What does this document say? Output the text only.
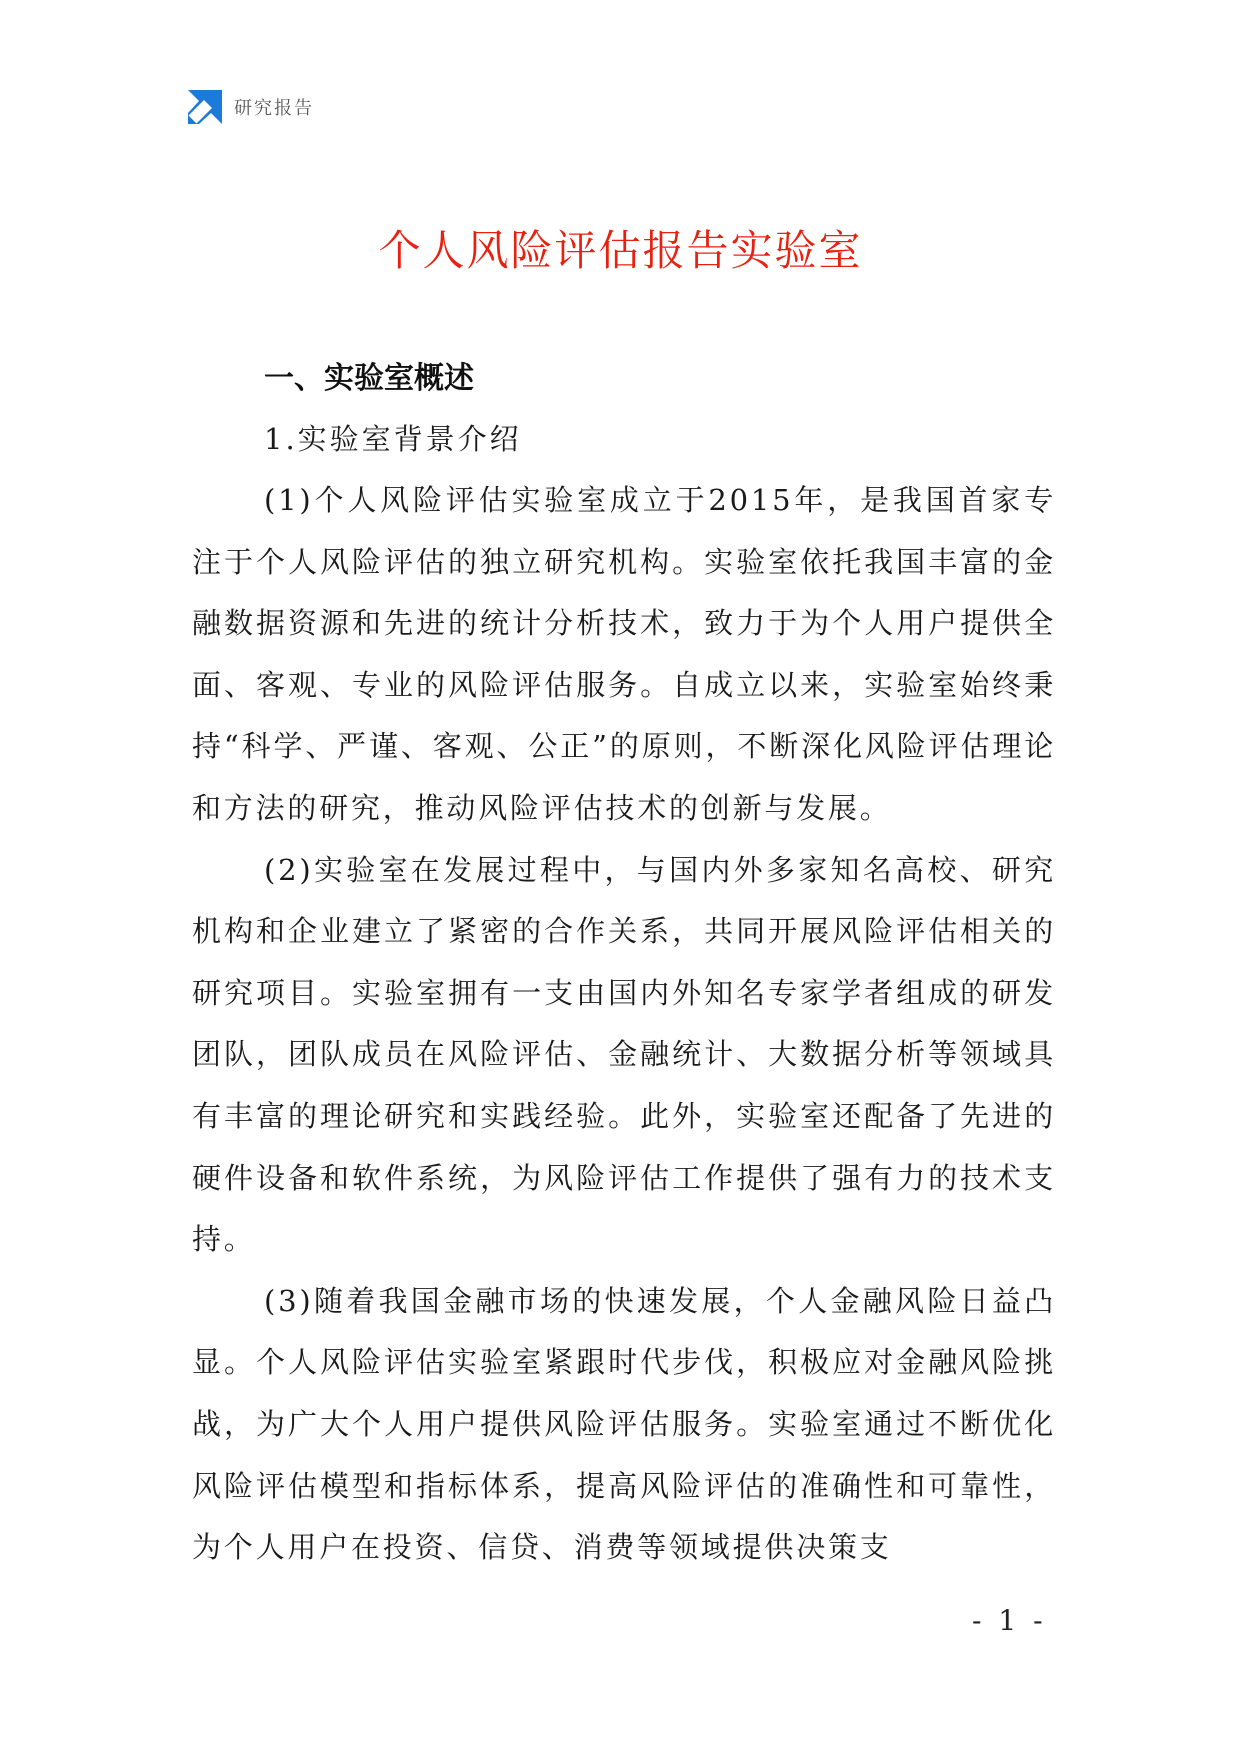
研究报告
个人风险评估报告实验室
一、实验室概述
1.实验室背景介绍

(1)个人风险评估实验室成立于2015年，是我国首家专注于个人风险评估的独立研究机构。实验室依托我国丰富的金融数据资源和先进的统计分析技术，致力于为个人用户提供全面、客观、专业的风险评估服务。自成立以来，实验室始终秉持“科学、严谨、客观、公正”的原则，不断深化风险评估理论和方法的研究，推动风险评估技术的创新与发展。

(2)实验室在发展过程中，与国内外多家知名高校、研究机构和企业建立了紧密的合作关系，共同开展风险评估相关的研究项目。实验室拥有一支由国内外知名专家学者组成的研发团队，团队成员在风险评估、金融统计、大数据分析等领域具有丰富的理论研究和实践经验。此外，实验室还配备了先进的硬件设备和软件系统，为风险评估工作提供了强有力的技术支持。

(3)随着我国金融市场的快速发展，个人金融风险日益凸显。个人风险评估实验室紧跟时代步伐，积极应对金融风险挑战，为广大个人用户提供风险评估服务。实验室通过不断优化风险评估模型和指标体系，提高风险评估的准确性和可靠性，为个人用户在投资、信贷、消费等领域提供决策支

- 1 -
